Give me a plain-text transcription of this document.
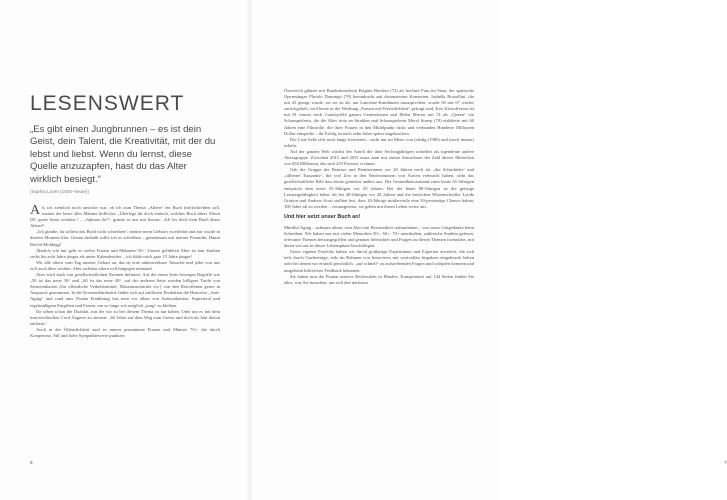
LESENSWERT

„Es gibt einen Jungbrunnen – es ist dein Geist, dein Talent, die Kreativität, mit der du lebst und liebst. Wenn du lernst, diese Quelle anzuzapfen, hast du das Alter wirklich besiegt.“

(Sophia Loren (1934–heute))

Als ich ziemlich noch unsicher war, ob ich zum Thema „Altern“ ein Buch (mit)schreiben soll, meinte der beste aller Männer höflichst: „Überlege dir doch einfach, welches Buch übers Altern DU gerne lesen würdest.“ – „Spinnst du?“, grinste er aus mir heraus. „Ich les doch kein Buch übers Altern!“

„Ich glaube, du solltest das Buch nicht schreiben“, meinte mein Liebster zweifelnd und mir wurde in diesem Moment klar: Genau deshalb sollte ich es schreiben – gemeinsam mit meiner Freundin, Hanni Reichl-Moldegg!

Ähnlich wie mir geht es vielen Frauen und Männern 50+. Unsere gefühlten Alter ist laut Studien sechs bis acht Jahre jünger als unser Kalenderalter – ich fühle mich gute 15 Jahre jünger!

Wir alle altern vom Tag unserer Geburt an, das ist eine unbestreitbare Tatsache und jeder von uns will auch älter werden. Aber zichtbar altern will hingegen niemand.

Alter wird stark von gesellschaftlichen Normen definiert. Auf der einen Seite bewegen Begriffe wie „50 ist das neue 30“ und „60 ist das neue 40“, auf der anderen Seite werden billigere Tarife von Seniorenkarten (für öffentliche Verkehrsmittel, Museumseintritte etc.) von den Betroffenen gerne in Anspruch genommen. In der Kosmetikindustrie findet sich auf zahllosen Produkten die Hinweise „Anti-Aging“ und rund ums Thema Ernährung fast man vor allem von Antioxidantien, Superfood und regelmäßigem Entgiften und Fasten, um so lange wie möglich „jung“ zu bleiben.

Ihr sehen schon die Dualität, mit der wir zu bei diesem Thema zu tun haben. Oder um es mit dem österreichischen Cord Ängerer zu steuern: „60 Jahre auf dem Weg zum Greise und doch du Jahr davon entfernt.“

Auch in der Öffentlichkeit sind es immer prominente Frauen und Männer 70+, die durch Kompetenz, Stil und hohe Sympathiewerte punkten:

6	7

Österreich glänzte mit Bundeskanzlerin Brigitte Bierlein (72) als höchste Frau im Staat, der spanische Opernsänger Placido Domingo (78) beeindruckt mit distanzierten Konzerten, Isabella Rossellini, die mit 43 gesagt wurde, sie sei zu alt, um Lancôme-Kundinnen anzusprechen, wurde 30 mit 67 wieder zurückgeholt, weil heute in der Werbung „Frauen mit Persönlichkeit“ gefragt sind, Kris Kristofferson ist mit 81 immer noch Countryfeld ganzer Generationen und Helen Mirren mit 74 als „Queen“ ein Schauspielerin, die die Alter trotz an Strahlen und Schauspielerin Meryl Streep (70) etablierte mit 60 Jahren eine Filmrolle, die ihrer Frauen in den Mittelpunkt rückt und verbunden Hunderte Millionen Dollar einspielte – ihr Erfolg ist nach zehn Jahre später ungebrochen.

Die Liste ließe sich noch lange fortsetzen – nicht nur im Meier von (oftdig (1985) und (noch immer) ackeln.

Auf der ganzen Welt wächst der Anteil der über Sechzigjährigen schneller als irgendeine andere Altersgruppe. Zwischen 2015 und 2035 muss man mit einem Anwachsen der Zahl älterer Menschen von 694 Millionen, das sind 229 Prozent, rechnen.

Gab die Gruppe der Rentner und Rentnerinnen vor 20 Jahren noch als „die Schachteln“ und „silberne Tsunamis“, die viel Zeit in den Wartezimmern von Ärzten verbracht haben, sieht das gesellschaftliche Bild dass heute generiert anders aus. Der Gesundheitszustand eines heute 65-Jährigen entspricht dem eines 55-Jährigen vor 20 Jahren. Bei der heute 80-Jährigen ist die geistige Leistungsfähigkeit höher als bei 40-Jährigen vor 20 Jahren und die britischen Wissenschaftler Lynda Gratton und Andrew Scott stellten fest, dass 10-Jährige mittlerweile eine 50-prozentige Chance haben, 100 Jahre alt zu werden – vorausgesetzt, sie gehen mit ihrem Leben weise um.

Und hier setzt unser Buch an!

Mindful Aging – achtsam altern, sein Alter mit Bewusstheit wahrnehmen – war unser Leitgedanke beim Schreiben. Wir haben uns mit vielen Menschen 50+, 60+, 70+ unterhalten, zahlreiche Studien gelesen, relevante Themen herausgegriffen und genauer beleuchtet und Fragen zu diesen Themen formuliert, mit deren wir uns in dieser Lebensphase beschäftigen.

Unser eigenes Portfolio haben wir durch großartige Expertinnen und Experten erweitert, die sich teils durch Gaeberträge, teils im Rahmen von Interviews mit wertvollen Impulsen eingebracht haben oder bei denen wir einfach persönlich, „auf schnell“ zu aufstrebenden Fragen und schöpfen konnten und umgehend hilfreiches Feedback bekamen.

Sie haben nun die Frauen unserer Recherchen in Händen. Komprimiert auf 144 Seiten finden Sie alles, was Sie brauchen, um sich den nächsten
